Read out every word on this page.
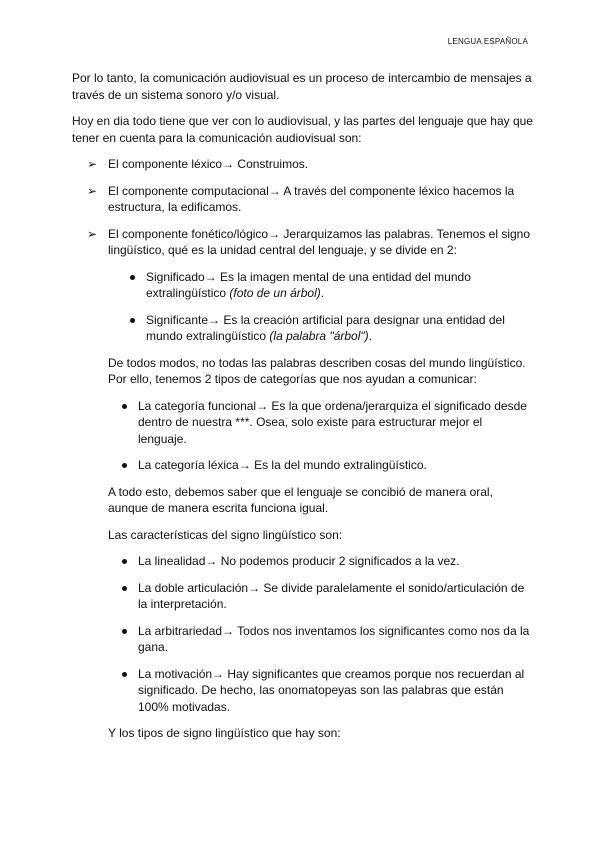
LENGUA ESPAÑOLA

Por lo tanto, la comunicación audiovisual es un proceso de intercambio de mensajes a través de un sistema sonoro y/o visual.

Hoy en dia todo tiene que ver con lo audiovisual, y las partes del lenguaje que hay que tener en cuenta para la comunicación audiovisual son:

➢ El componente léxico→ Construimos.
➢ El componente computacional→ A través del componente léxico hacemos la estructura, la edificamos.
➢ El componente fonético/lógico→ Jerarquizamos las palabras. Tenemos el signo lingüístico, qué es la unidad central del lenguaje, y se divide en 2:
Significado→ Es la imagen mental de una entidad del mundo extralingüístico (foto de un árbol).
Significante→ Es la creación artificial para designar una entidad del mundo extralingüístico (la palabra "árbol").

De todos modos, no todas las palabras describen cosas del mundo lingüístico. Por ello, tenemos 2 tipos de categorías que nos ayudan a comunicar:

La categoría funcional→ Es la que ordena/jerarquiza el significado desde dentro de nuestra ***. Osea, solo existe para estructurar mejor el lenguaje.
La categoría léxica→ Es la del mundo extralingüístico.

A todo esto, debemos saber que el lenguaje se concibió de manera oral, aunque de manera escrita funciona igual.

Las características del signo lingüístico son:

La linealidad→ No podemos producir 2 significados a la vez.
La doble articulación→ Se divide paralelamente el sonido/articulación de la interpretación.
La arbitrariedad→ Todos nos inventamos los significantes como nos da la gana.
La motivación→ Hay significantes que creamos porque nos recuerdan al significado. De hecho, las onomatopeyas son las palabras que están 100% motivadas.

Y los tipos de signo lingüístico que hay son:
